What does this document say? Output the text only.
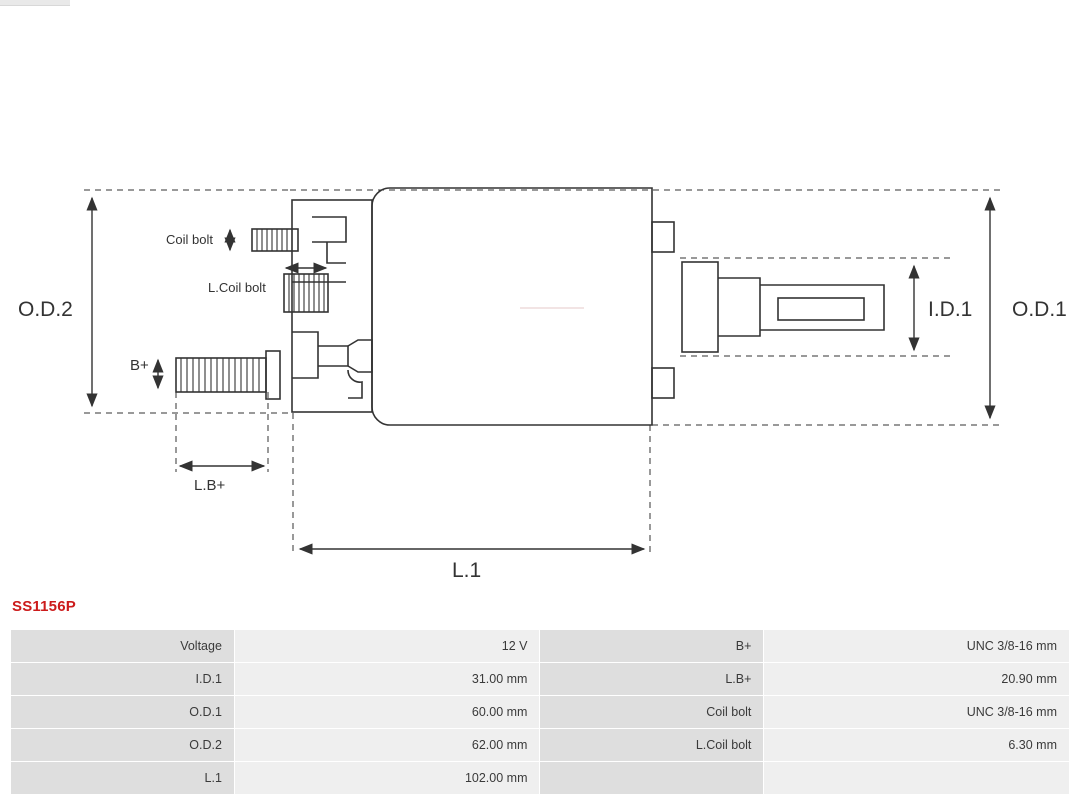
O.D.2	O.D.1
I.D.1
L.1
L.B+
B+
Coil bolt
L.Coil bolt
SS1156P
Voltage	12 V	B+	UNC 3/8-16 mm
I.D.1	31.00 mm	L.B+	20.90 mm
O.D.1	60.00 mm	Coil bolt	UNC 3/8-16 mm
O.D.2	62.00 mm	L.Coil bolt	6.30 mm
L.1	102.00 mm		
